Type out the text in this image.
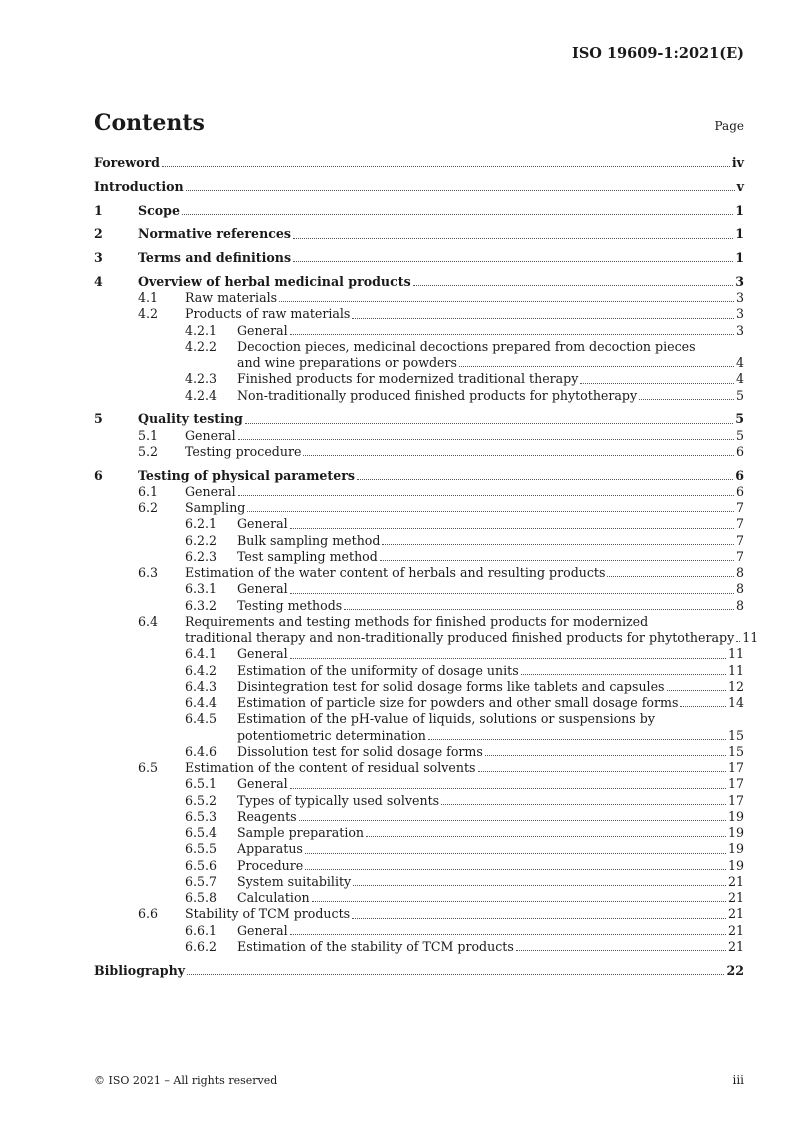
ISO 19609-1:2021(E)
Contents	Page
Foreword	iv
Introduction	v
1	Scope	1
2	Normative references	1
3	Terms and definitions	1
4	Overview of herbal medicinal products	3
4.1 Raw materials	3
4.2 Products of raw materials	3
4.2.1 General	3
4.2.2 Decoction pieces, medicinal decoctions prepared from decoction pieces
and wine preparations or powders	4
4.2.3 Finished products for modernized traditional therapy	4
4.2.4 Non-traditionally produced finished products for phytotherapy	5
5	Quality testing	5
5.1 General	5
5.2 Testing procedure	6
6	Testing of physical parameters	6
6.1 General	6
6.2 Sampling	7
6.2.1 General	7
6.2.2 Bulk sampling method	7
6.2.3 Test sampling method	7
6.3 Estimation of the water content of herbals and resulting products	8
6.3.1 General	8
6.3.2 Testing methods	8
6.4 Requirements and testing methods for finished products for modernized
traditional therapy and non-traditionally produced finished products for phytotherapy 11
6.4.1 General	11
6.4.2 Estimation of the uniformity of dosage units	11
6.4.3 Disintegration test for solid dosage forms like tablets and capsules	12
6.4.4 Estimation of particle size for powders and other small dosage forms	14
6.4.5 Estimation of the pH-value of liquids, solutions or suspensions by
potentiometric determination	15
6.4.6 Dissolution test for solid dosage forms	15
6.5 Estimation of the content of residual solvents	17
6.5.1 General	17
6.5.2 Types of typically used solvents	17
6.5.3 Reagents	19
6.5.4 Sample preparation	19
6.5.5 Apparatus	19
6.5.6 Procedure	19
6.5.7 System suitability	21
6.5.8 Calculation	21
6.6 Stability of TCM products	21
6.6.1 General	21
6.6.2 Estimation of the stability of TCM products	21
Bibliography	22
© ISO 2021 – All rights reserved	iii
